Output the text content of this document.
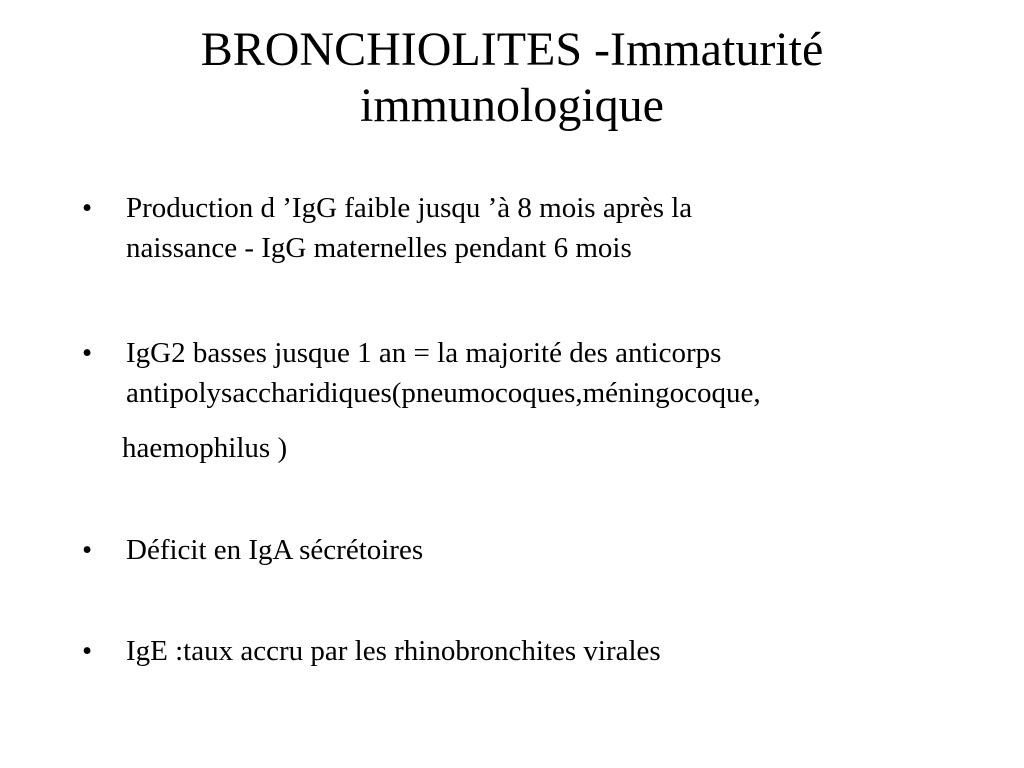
BRONCHIOLITES -Immaturité
immunologique
•	Production d ’IgG faible jusqu ’à 8 mois après la
naissance - IgG maternelles pendant 6 mois
•	IgG2 basses jusque 1 an = la majorité des anticorps
antipolysaccharidiques(pneumocoques,méningocoque,
haemophilus )
•	Déficit en IgA sécrétoires
•	IgE :taux accru par les rhinobronchites virales
